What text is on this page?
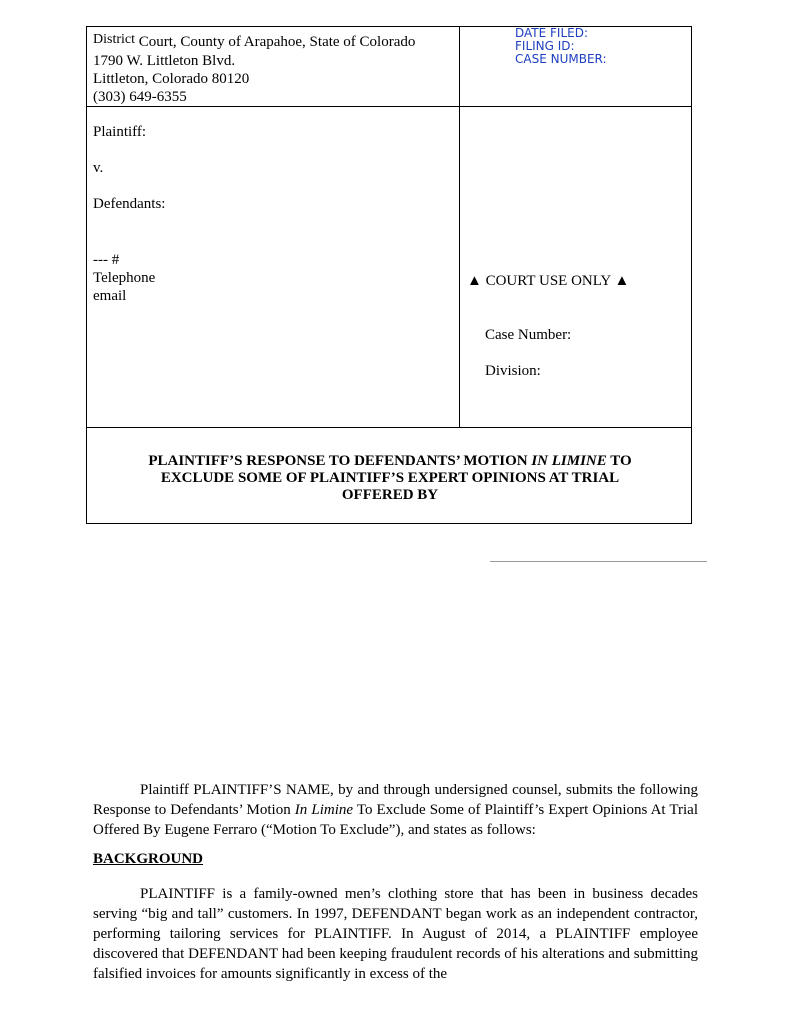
District Court, County of Arapahoe, State of Colorado
1790 W. Littleton Blvd.
Littleton, Colorado 80120
(303) 649-6355
DATE FILED:
FILING ID:
CASE NUMBER:
Plaintiff:
v.
Defendants:
--- #
Telephone
email
▲ COURT USE ONLY ▲
Case Number:
Division:
PLAINTIFF’S RESPONSE TO DEFENDANTS’ MOTION IN LIMINE TO EXCLUDE SOME OF PLAINTIFF’S EXPERT OPINIONS AT TRIAL OFFERED BY
Plaintiff PLAINTIFF’S NAME, by and through undersigned counsel, submits the following Response to Defendants’ Motion In Limine To Exclude Some of Plaintiff’s Expert Opinions At Trial Offered By Eugene Ferraro (“Motion To Exclude”), and states as follows:
BACKGROUND
PLAINTIFF is a family-owned men’s clothing store that has been in business decades serving “big and tall” customers. In 1997, DEFENDANT began work as an independent contractor, performing tailoring services for PLAINTIFF. In August of 2014, a PLAINTIFF employee discovered that DEFENDANT had been keeping fraudulent records of his alterations and submitting falsified invoices for amounts significantly in excess of the
